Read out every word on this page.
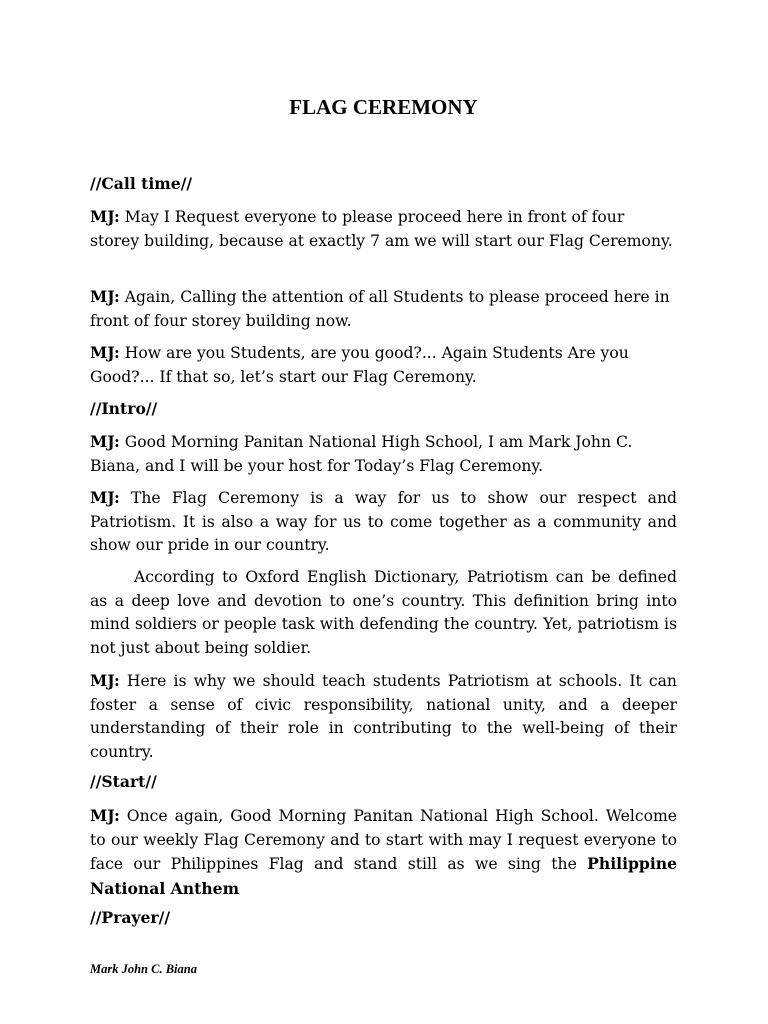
FLAG CEREMONY

//Call time//

MJ: May I Request everyone to please proceed here in front of four storey building, because at exactly 7 am we will start our Flag Ceremony.

MJ: Again, Calling the attention of all Students to please proceed here in front of four storey building now.

MJ: How are you Students, are you good?... Again Students Are you Good?... If that so, let’s start our Flag Ceremony.

//Intro//

MJ: Good Morning Panitan National High School, I am Mark John C. Biana, and I will be your host for Today’s Flag Ceremony.

MJ: The Flag Ceremony is a way for us to show our respect and Patriotism. It is also a way for us to come together as a community and show our pride in our country.

According to Oxford English Dictionary, Patriotism can be defined as a deep love and devotion to one’s country. This definition bring into mind soldiers or people task with defending the country. Yet, patriotism is not just about being soldier.

MJ: Here is why we should teach students Patriotism at schools. It can foster a sense of civic responsibility, national unity, and a deeper understanding of their role in contributing to the well-being of their country.

//Start//

MJ: Once again, Good Morning Panitan National High School. Welcome to our weekly Flag Ceremony and to start with may I request everyone to face our Philippines Flag and stand still as we sing the Philippine National Anthem

//Prayer//

Mark John C. Biana
